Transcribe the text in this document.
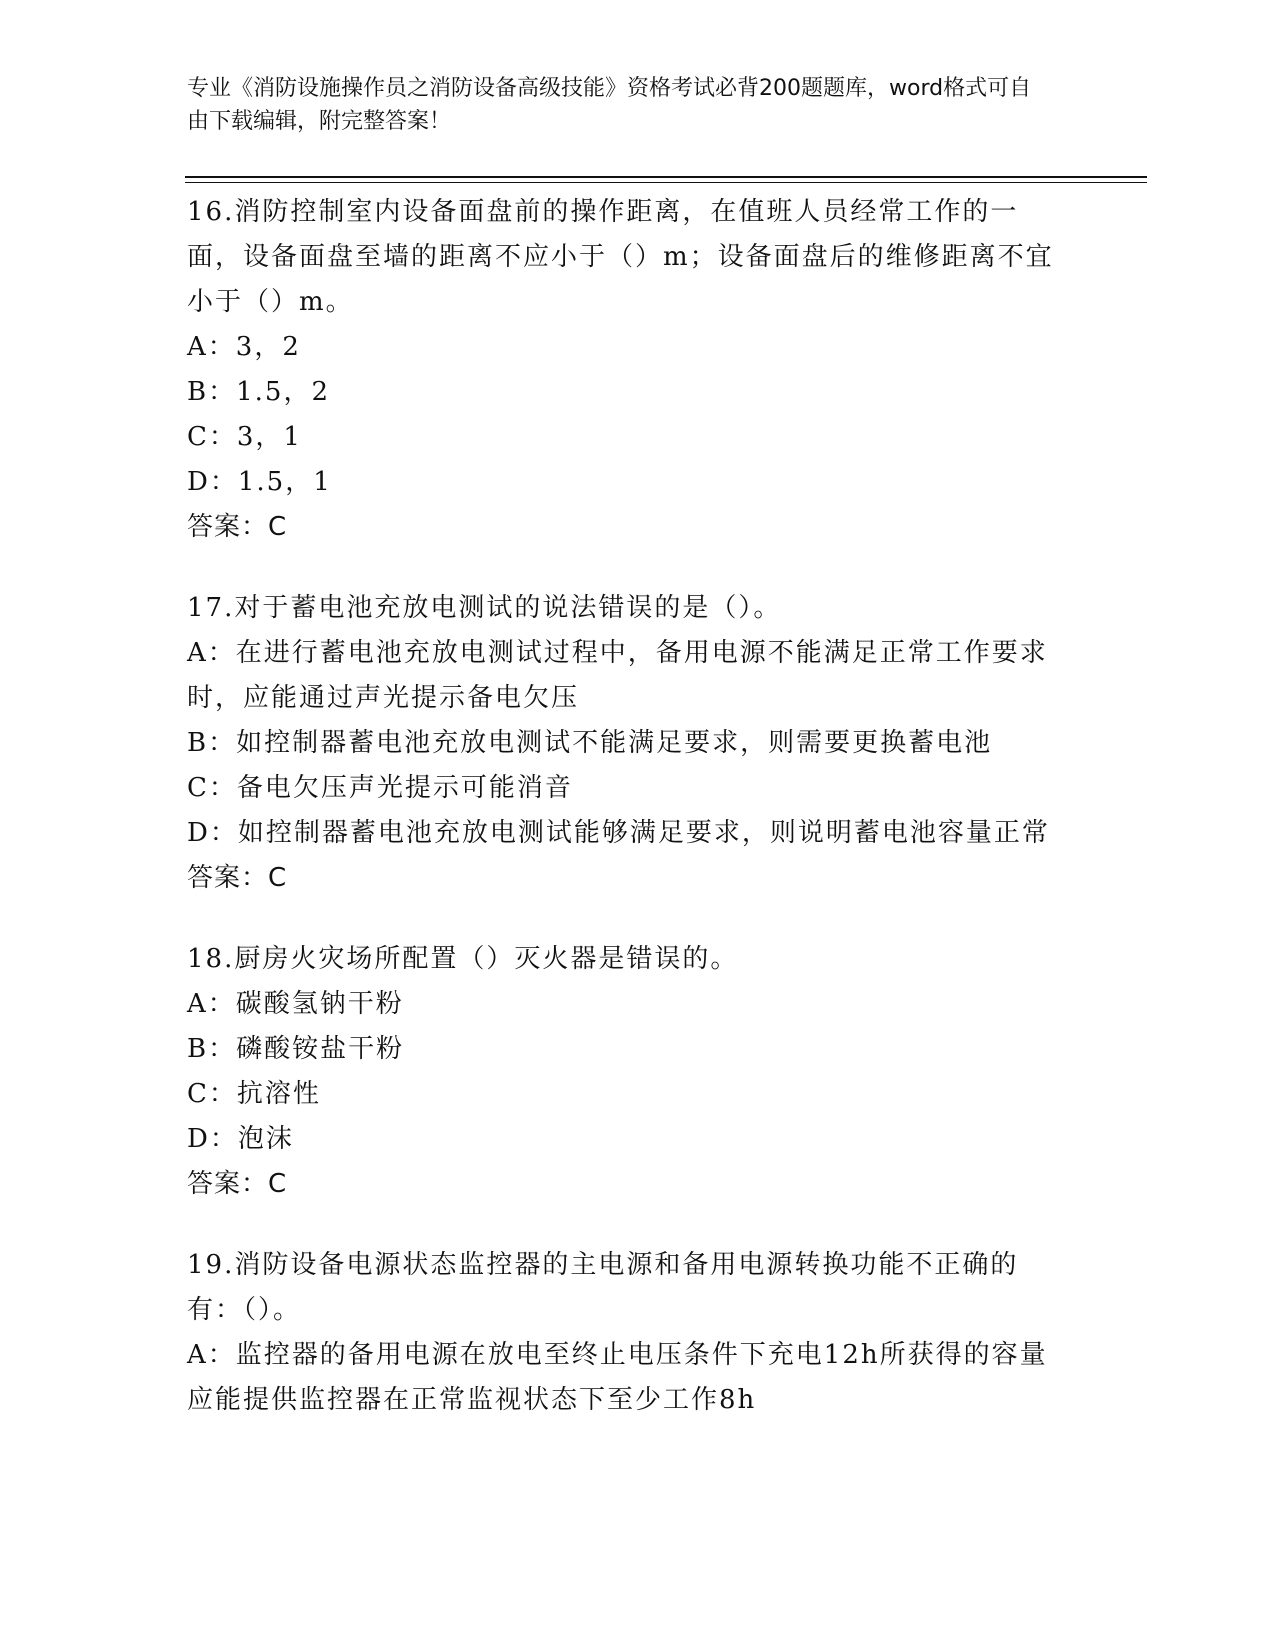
专业《消防设施操作员之消防设备高级技能》资格考试必背200题题库，word格式可自由下载编辑，附完整答案！

16.消防控制室内设备面盘前的操作距离，在值班人员经常工作的一面，设备面盘至墙的距离不应小于（）m；设备面盘后的维修距离不宜小于（）m。

A：3，2

B：1.5，2

C：3，1

D：1.5，1

答案：C

17.对于蓄电池充放电测试的说法错误的是（）。

A：在进行蓄电池充放电测试过程中，备用电源不能满足正常工作要求时，应能通过声光提示备电欠压

B：如控制器蓄电池充放电测试不能满足要求，则需要更换蓄电池

C：备电欠压声光提示可能消音

D：如控制器蓄电池充放电测试能够满足要求，则说明蓄电池容量正常

答案：C

18.厨房火灾场所配置（）灭火器是错误的。

A：碳酸氢钠干粉

B：磷酸铵盐干粉

C：抗溶性

D：泡沫

答案：C

19.消防设备电源状态监控器的主电源和备用电源转换功能不正确的有：（）。

A：监控器的备用电源在放电至终止电压条件下充电12h所获得的容量应能提供监控器在正常监视状态下至少工作8h
